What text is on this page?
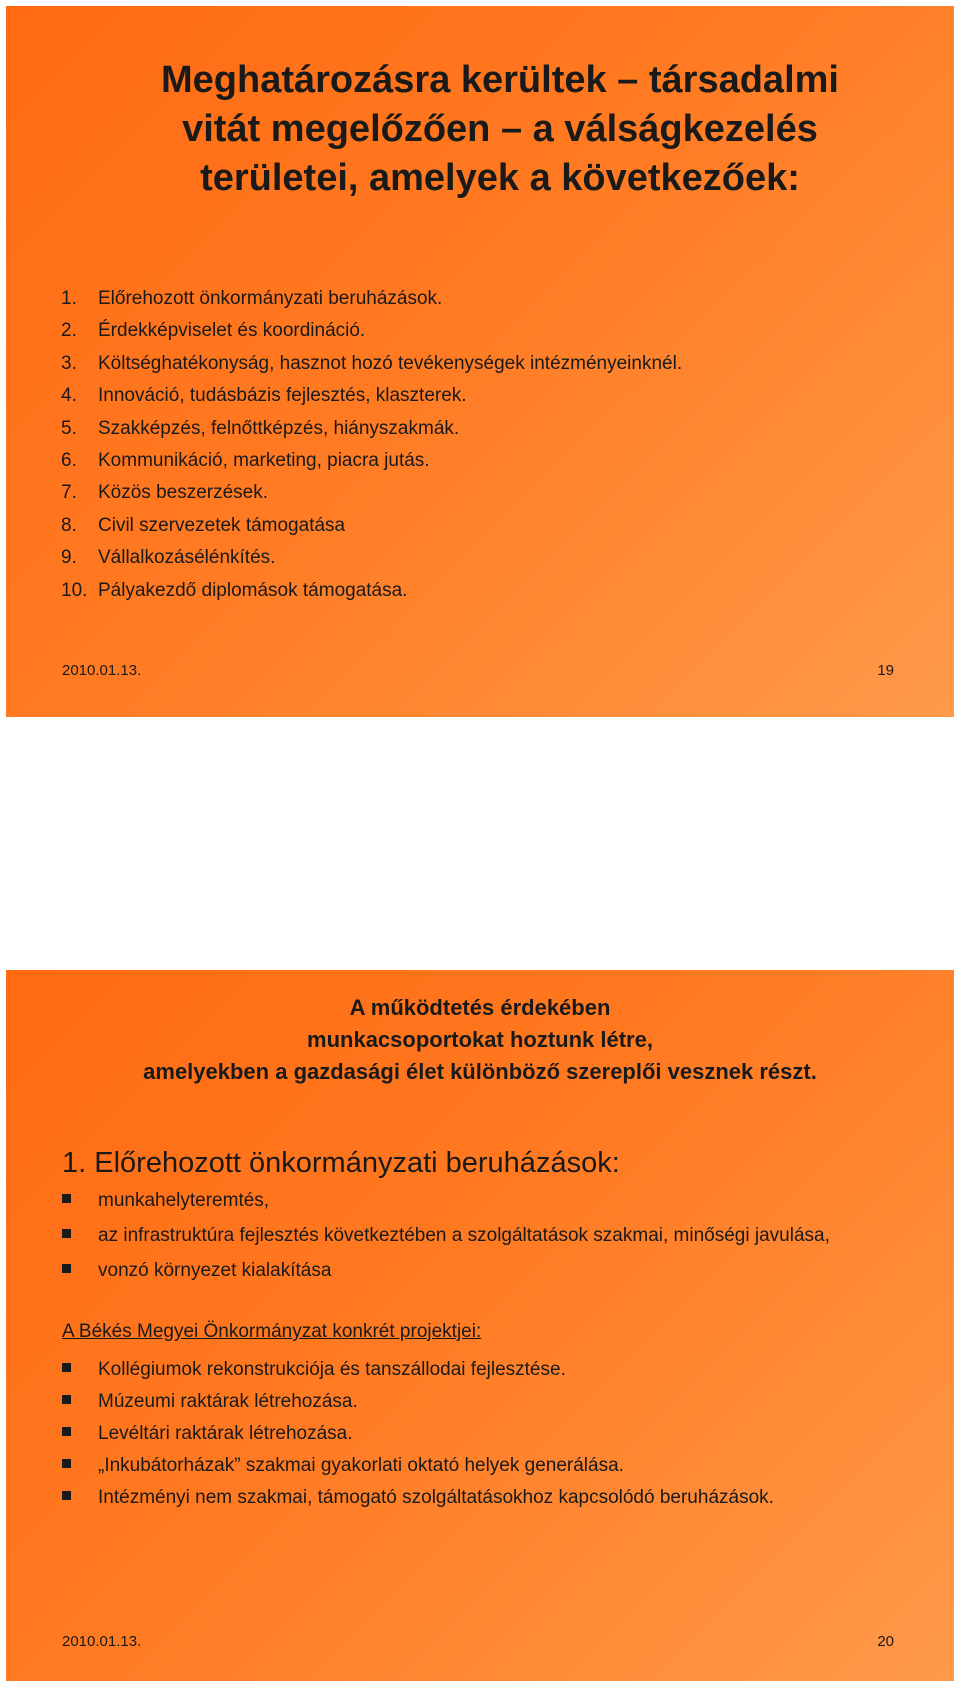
Meghatározásra kerültek – társadalmi
vitát megelőzően – a válságkezelés
területei, amelyek a következőek:
1. Előrehozott önkormányzati beruházások.
2. Érdekképviselet és koordináció.
3. Költséghatékonyság, hasznot hozó tevékenységek intézményeinknél.
4. Innováció, tudásbázis fejlesztés, klaszterek.
5. Szakképzés, felnőttképzés, hiányszakmák.
6. Kommunikáció, marketing, piacra jutás.
7. Közös beszerzések.
8. Civil szervezetek támogatása
9. Vállalkozásélénkítés.
10. Pályakezdő diplomások támogatása.
2010.01.13.	19
A működtetés érdekében
munkacsoportokat hoztunk létre,
amelyekben a gazdasági élet különböző szereplői vesznek részt.
1. Előrehozott önkormányzati beruházások:
munkahelyteremtés,
az infrastruktúra fejlesztés következtében a szolgáltatások szakmai, minőségi javulása,
vonzó környezet kialakítása
A Békés Megyei Önkormányzat konkrét projektjei:
Kollégiumok rekonstrukciója és tanszállodai fejlesztése.
Múzeumi raktárak létrehozása.
Levéltári raktárak létrehozása.
„Inkubátorházak” szakmai gyakorlati oktató helyek generálása.
Intézményi nem szakmai, támogató szolgáltatásokhoz kapcsolódó beruházások.
2010.01.13.	20
